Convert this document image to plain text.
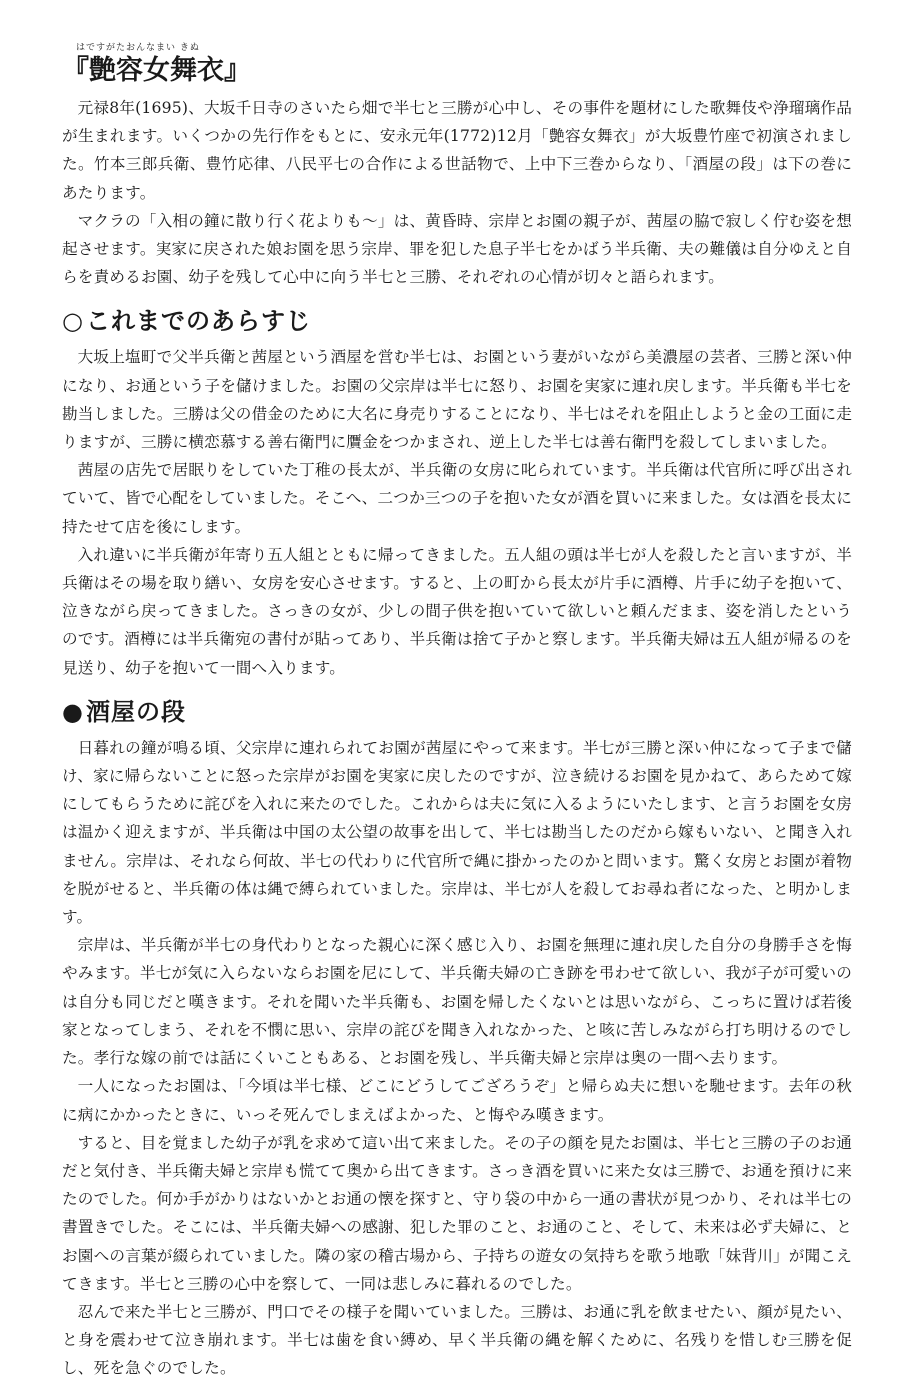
はですがたおんなまい きぬ
『艶容女舞衣』

元禄8年(1695)、大坂千日寺のさいたら畑で半七と三勝が心中し、その事件を題材にした歌舞伎や浄瑠璃作品が生まれます。いくつかの先行作をもとに、安永元年(1772)12月「艶容女舞衣」が大坂豊竹座で初演されました。竹本三郎兵衛、豊竹応律、八民平七の合作による世話物で、上中下三巻からなり、「酒屋の段」は下の巻にあたります。

マクラの「入相の鐘に散り行く花よりも～」は、黄昏時、宗岸とお園の親子が、茜屋の脇で寂しく佇む姿を想起させます。実家に戻された娘お園を思う宗岸、罪を犯した息子半七をかばう半兵衛、夫の難儀は自分ゆえと自らを責めるお園、幼子を残して心中に向う半七と三勝、それぞれの心情が切々と語られます。

○これまでのあらすじ

大坂上塩町で父半兵衛と茜屋という酒屋を営む半七は、お園という妻がいながら美濃屋の芸者、三勝と深い仲になり、お通という子を儲けました。お園の父宗岸は半七に怒り、お園を実家に連れ戻します。半兵衛も半七を勘当しました。三勝は父の借金のために大名に身売りすることになり、半七はそれを阻止しようと金の工面に走りますが、三勝に横恋慕する善右衛門に贋金をつかまされ、逆上した半七は善右衛門を殺してしまいました。

茜屋の店先で居眠りをしていた丁稚の長太が、半兵衛の女房に叱られています。半兵衛は代官所に呼び出されていて、皆で心配をしていました。そこへ、二つか三つの子を抱いた女が酒を買いに来ました。女は酒を長太に持たせて店を後にします。

入れ違いに半兵衛が年寄り五人組とともに帰ってきました。五人組の頭は半七が人を殺したと言いますが、半兵衛はその場を取り繕い、女房を安心させます。すると、上の町から長太が片手に酒樽、片手に幼子を抱いて、泣きながら戻ってきました。さっきの女が、少しの間子供を抱いていて欲しいと頼んだまま、姿を消したというのです。酒樽には半兵衛宛の書付が貼ってあり、半兵衛は捨て子かと察します。半兵衛夫婦は五人組が帰るのを見送り、幼子を抱いて一間へ入ります。

●酒屋の段

日暮れの鐘が鳴る頃、父宗岸に連れられてお園が茜屋にやって来ます。半七が三勝と深い仲になって子まで儲け、家に帰らないことに怒った宗岸がお園を実家に戻したのですが、泣き続けるお園を見かねて、あらためて嫁にしてもらうために詫びを入れに来たのでした。これからは夫に気に入るようにいたします、と言うお園を女房は温かく迎えますが、半兵衛は中国の太公望の故事を出して、半七は勘当したのだから嫁もいない、と聞き入れません。宗岸は、それなら何故、半七の代わりに代官所で縄に掛かったのかと問います。驚く女房とお園が着物を脱がせると、半兵衛の体は縄で縛られていました。宗岸は、半七が人を殺してお尋ね者になった、と明かします。

宗岸は、半兵衛が半七の身代わりとなった親心に深く感じ入り、お園を無理に連れ戻した自分の身勝手さを悔やみます。半七が気に入らないならお園を尼にして、半兵衛夫婦の亡き跡を弔わせて欲しい、我が子が可愛いのは自分も同じだと嘆きます。それを聞いた半兵衛も、お園を帰したくないとは思いながら、こっちに置けば若後家となってしまう、それを不憫に思い、宗岸の詫びを聞き入れなかった、と咳に苦しみながら打ち明けるのでした。孝行な嫁の前では話にくいこともある、とお園を残し、半兵衛夫婦と宗岸は奥の一間へ去ります。

一人になったお園は、「今頃は半七様、どこにどうしてござろうぞ」と帰らぬ夫に想いを馳せます。去年の秋に病にかかったときに、いっそ死んでしまえばよかった、と悔やみ嘆きます。

すると、目を覚ました幼子が乳を求めて這い出て来ました。その子の顔を見たお園は、半七と三勝の子のお通だと気付き、半兵衛夫婦と宗岸も慌てて奥から出てきます。さっき酒を買いに来た女は三勝で、お通を預けに来たのでした。何か手がかりはないかとお通の懐を探すと、守り袋の中から一通の書状が見つかり、それは半七の書置きでした。そこには、半兵衛夫婦への感謝、犯した罪のこと、お通のこと、そして、未来は必ず夫婦に、とお園への言葉が綴られていました。隣の家の稽古場から、子持ちの遊女の気持ちを歌う地歌「妹背川」が聞こえてきます。半七と三勝の心中を察して、一同は悲しみに暮れるのでした。

忍んで来た半七と三勝が、門口でその様子を聞いていました。三勝は、お通に乳を飲ませたい、顔が見たい、と身を震わせて泣き崩れます。半七は歯を食い縛め、早く半兵衛の縄を解くために、名残りを惜しむ三勝を促し、死を急ぐのでした。
